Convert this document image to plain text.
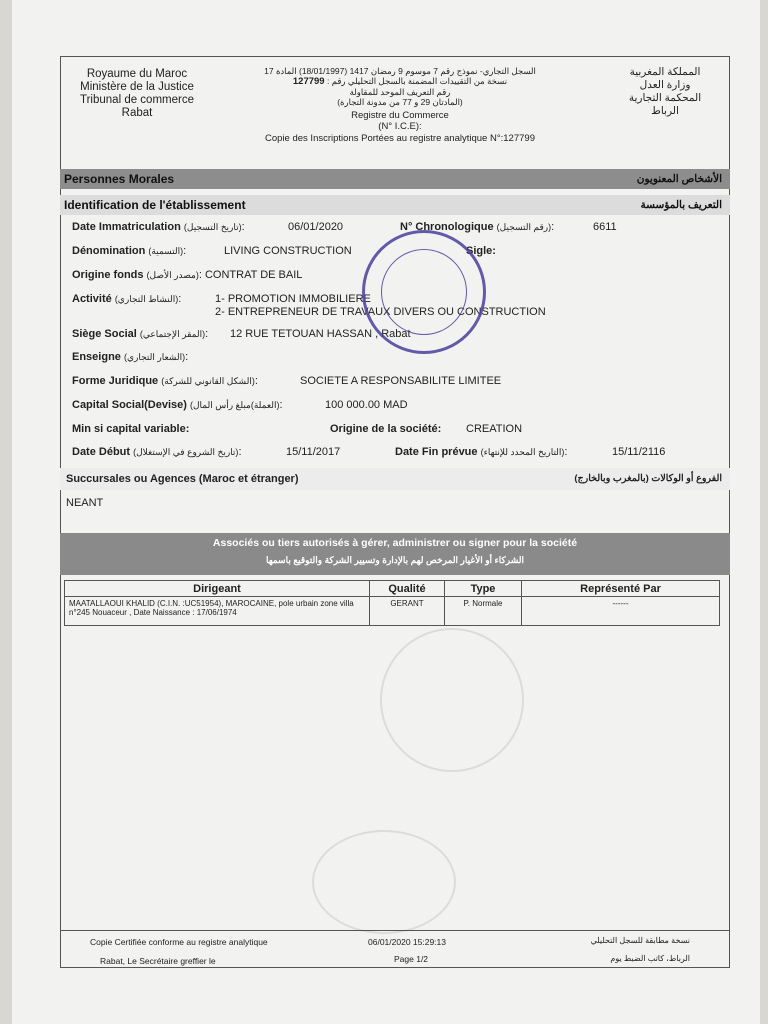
Royaume du Maroc
Ministère de la Justice
Tribunal de commerce
Rabat
المملكة المغربية
وزارة العدل
المحكمة التجارية
الرباط
السجل التجاري- نموذج رقم 7 موسوم 9 رمضان 1417 (18/01/1997) المادة 17
نسخة من التقييدات المضمنة بالسجل التحليلي رقم : 127799
رقم التعريف الموحد للمقاولة
(المادتان 29 و 77 من مدونة التجارة)
Registre du Commerce
(N° I.C.E):
Copie des Inscriptions Portées au registre analytique N°:127799
Personnes Morales	الأشخاص المعنويون
Identification de l'établissement	التعريف بالمؤسسة
Date Immatriculation (تاريخ التسجيل):	06/01/2020	N° Chronologique (رقم التسجيل):	6611
Dénomination (التسمية):	LIVING CONSTRUCTION	Sigle:
Origine fonds (مصدر الأصل): CONTRAT DE BAIL
Activité (النشاط التجاري):	1- PROMOTION IMMOBILIERE
2- ENTREPRENEUR DE TRAVAUX DIVERS OU CONSTRUCTION
Siège Social (المقر الإجتماعي): 12 RUE TETOUAN HASSAN , Rabat
Enseigne (الشعار التجاري):
Forme Juridique (الشكل القانوني للشركة):	SOCIETE A RESPONSABILITE LIMITEE
Capital Social(Devise) (العملة)مبلغ رأس المال):	100 000.00 MAD
Min si capital variable:	Origine de la société: CREATION
Date Début (تاريخ الشروع في الإستغلال):	15/11/2017	Date Fin prévue (التاريخ المحدد للإنتهاء):	15/11/2116
Succursales ou Agences (Maroc et étranger)	الفروع أو الوكالات (بالمغرب وبالخارج)
NEANT
Associés ou tiers autorisés à gérer, administrer ou signer pour la société
الشركاء أو الأغيار المرخص لهم بالإدارة وتسيير الشركة والتوقيع باسمها
Dirigeant	Qualité	Type	Représenté Par
MAATALLAOUI KHALID (C.I.N. :UC51954), MAROCAINE, pole urbain zone villa n°245 Nouaceur , Date Naissance : 17/06/1974	GERANT	P. Normale	------
Copie Certifiée conforme au registre analytique
Rabat, Le Secrétaire greffier le
06/01/2020 15:29:13
Page 1/2
نسخة مطابقة للسجل التحليلي
الرباط، كاتب الضبط يوم
